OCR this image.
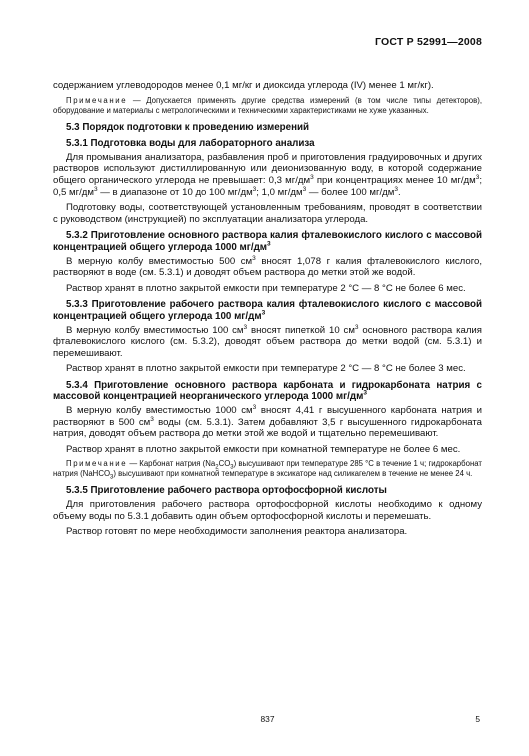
ГОСТ Р 52991—2008

содержанием углеводородов менее 0,1 мг/кг и диоксида углерода (IV) менее 1 мг/кг).

Примечание — Допускается применять другие средства измерений (в том числе типы детекторов), оборудование и материалы с метрологическими и техническими характеристиками не хуже указанных.

5.3 Порядок подготовки к проведению измерений
5.3.1 Подготовка воды для лабораторного анализа

Для промывания анализатора, разбавления проб и приготовления градуировочных и других растворов используют дистиллированную или деионизованную воду, в которой содержание общего органического углерода не превышает: 0,3 $мг/дм^3$ при концентрациях менее 10 $мг/дм^3$; 0,5 $мг/дм^3$ — в диапазоне от 10 до 100 $мг/дм^3$; 1,0 $мг/дм^3$ — более 100 $мг/дм^3$.

Подготовку воды, соответствующей установленным требованиям, проводят в соответствии с руководством (инструкцией) по эксплуатации анализатора углерода.

5.3.2 Приготовление основного раствора калия фталевокислого кислого с массовой концентрацией общего углерода 1000 $мг/дм^3$

В мерную колбу вместимостью 500 $см^3$ вносят 1,078 г калия фталевокислого кислого, растворяют в воде (см. 5.3.1) и доводят объем раствора до метки этой же водой.

Раствор хранят в плотно закрытой емкости при температуре 2 °С — 8 °С не более 6 мес.

5.3.3 Приготовление рабочего раствора калия фталевокислого кислого с массовой концентрацией общего углерода 100 $мг/дм^3$

В мерную колбу вместимостью 100 $см^3$ вносят пипеткой 10 $см^3$ основного раствора калия фталевокислого кислого (см. 5.3.2), доводят объем раствора до метки водой (см. 5.3.1) и перемешивают.

Раствор хранят в плотно закрытой емкости при температуре 2 °С — 8 °С не более 3 мес.

5.3.4 Приготовление основного раствора карбоната и гидрокарбоната натрия с массовой концентрацией неорганического углерода 1000 $мг/дм^3$

В мерную колбу вместимостью 1000 $см^3$ вносят 4,41 г высушенного карбоната натрия и растворяют в 500 $см^3$ воды (см. 5.3.1). Затем добавляют 3,5 г высушенного гидрокарбоната натрия, доводят объем раствора до метки этой же водой и тщательно перемешивают.

Раствор хранят в плотно закрытой емкости при комнатной температуре не более 6 мес.

Примечание — Карбонат натрия $(Na_2CO_3)$ высушивают при температуре 285 °С в течение 1 ч; гидрокарбонат натрия (NaHCO$_3$) высушивают при комнатной температуре в эксикаторе над силикагелем в течение не менее 24 ч.

5.3.5 Приготовление рабочего раствора ортофосфорной кислоты

Для приготовления рабочего раствора ортофосфорной кислоты необходимо к одному объему воды по 5.3.1 добавить один объем ортофосфорной кислоты и перемешать.

Раствор готовят по мере необходимости заполнения реактора анализатора.

837	5
